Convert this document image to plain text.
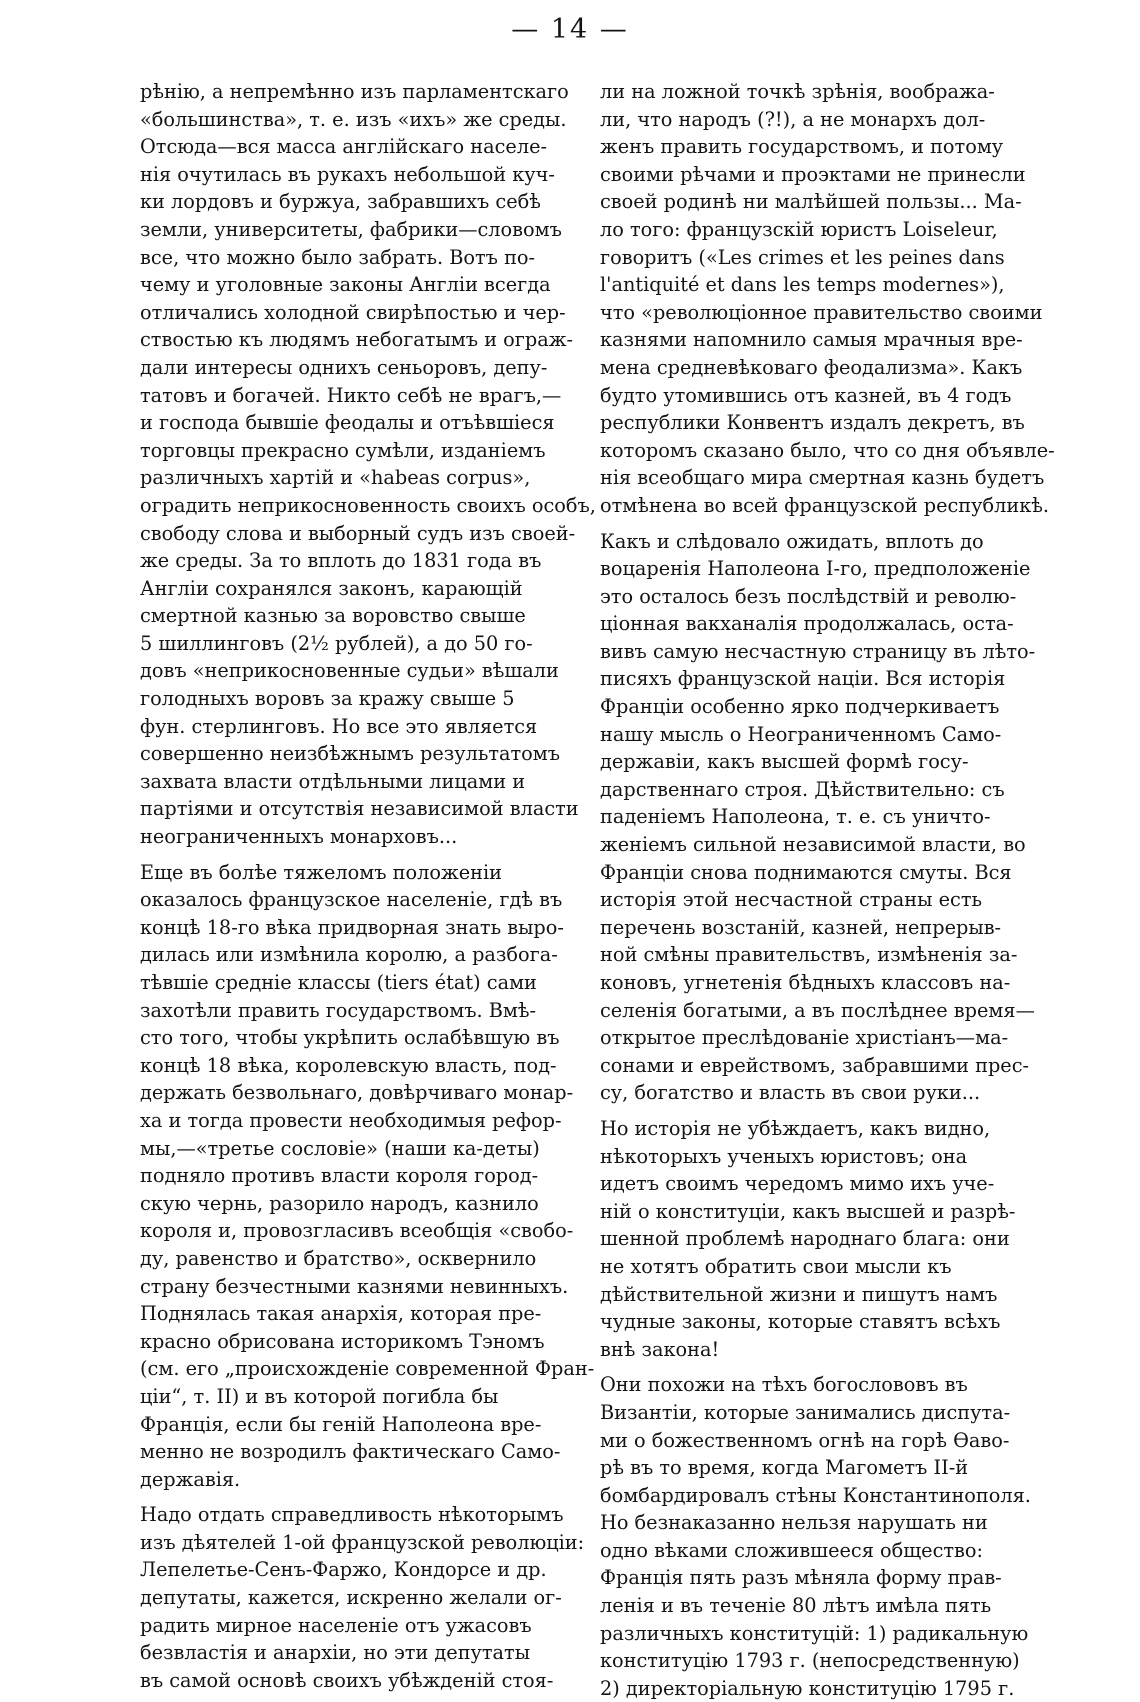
— 14 —
рѣнію, а непремѣнно изъ парламентскаго
«большинства», т. е. изъ «ихъ» же среды.
Отсюда—вся масса англійскаго населе-
нія очутилась въ рукахъ небольшой куч-
ки лордовъ и буржуа, забравшихъ себѣ
земли, университеты, фабрики—словомъ
все, что можно было забрать. Вотъ по-
чему и уголовные законы Англіи всегда
отличались холодной свирѣпостью и чер-
ствостью къ людямъ небогатымъ и ограж-
дали интересы однихъ сеньоровъ, депу-
татовъ и богачей. Никто себѣ не врагъ,—
и господа бывшіе феодалы и отъѣвшіеся
торговцы прекрасно сумѣли, изданіемъ
различныхъ хартій и «habeas corpus»,
оградить неприкосновенность своихъ особъ,
свободу слова и выборный судъ изъ своей-
же среды. За то вплоть до 1831 года въ
Англіи сохранялся законъ, карающій
смертной казнью за воровство свыше
5 шиллинговъ (2½ рублей), а до 50 го-
довъ «неприкосновенные судьи» вѣшали
голодныхъ воровъ за кражу свыше 5
фун. стерлинговъ. Но все это является
совершенно неизбѣжнымъ результатомъ
захвата власти отдѣльными лицами и
партіями и отсутствія независимой власти
неограниченныхъ монарховъ...
Еще въ болѣе тяжеломъ положеніи
оказалось французское населеніе, гдѣ въ
концѣ 18-го вѣка придворная знать выро-
дилась или измѣнила королю, а разбога-
тѣвшіе средніе классы (tiers état) сами
захотѣли править государствомъ. Вмѣ-
сто того, чтобы укрѣпить ослабѣвшую въ
концѣ 18 вѣка, королевскую власть, под-
держать безвольнаго, довѣрчиваго монар-
ха и тогда провести необходимыя рефор-
мы,—«третье сословіе» (наши ка-деты)
подняло противъ власти короля город-
скую чернь, разорило народъ, казнило
короля и, провозгласивъ всеобщія «свобо-
ду, равенство и братство», осквернило
страну безчестными казнями невинныхъ.
Поднялась такая анархія, которая пре-
красно обрисована историкомъ Тэномъ
(см. его „происхожденіе современной Фран-
ціи“, т. II) и въ которой погибла бы
Франція, если бы геній Наполеона вре-
менно не возродилъ фактическаго Само-
державія.
Надо отдать справедливость нѣкоторымъ
изъ дѣятелей 1-ой французской революціи:
Лепелетье-Сенъ-Фаржо, Кондорсе и др.
депутаты, кажется, искренно желали ог-
радить мирное населеніе отъ ужасовъ
безвластія и анархіи, но эти депутаты
въ самой основѣ своихъ убѣжденій стоя-
ли на ложной точкѣ зрѣнія, воображa-
ли, что народъ (?!), а не монархъ дол-
женъ править государствомъ, и потому
своими рѣчами и проэктами не принесли
своей родинѣ ни малѣйшей пользы... Ма-
ло того: французскій юристъ Loiseleur,
говоритъ («Les crimes et les peines dans
l'antiquité et dans les temps modernes»),
что «революціонное правительство своими
казнями напомнило самыя мрачныя вре-
мена средневѣковаго феодализма». Какъ
будто утомившись отъ казней, въ 4 годъ
республики Конвентъ издалъ декретъ, въ
которомъ сказано было, что со дня объявле-
нія всеобщаго мира смертная казнь будетъ
отмѣнена во всей французской республикѣ.
Какъ и слѣдовало ожидать, вплоть до
воцаренія Наполеона I-го, предположеніе
это осталось безъ послѣдствій и револю-
ціонная вакханалія продолжалась, оста-
вивъ самую несчастную страницу въ лѣто-
писяхъ французской націи. Вся исторія
Франціи особенно ярко подчеркиваетъ
нашу мысль о Неограниченномъ Само-
державіи, какъ высшей формѣ госу-
дарственнаго строя. Дѣйствительно: съ
паденіемъ Наполеона, т. е. съ уничто-
женіемъ сильной независимой власти, во
Франціи снова поднимаются смуты. Вся
исторія этой несчастной страны есть
перечень возстаній, казней, непрерыв-
ной смѣны правительствъ, измѣненія за-
коновъ, угнетенія бѣдныхъ классовъ на-
селенія богатыми, а въ послѣднее время—
открытое преслѣдованіе христіанъ—ма-
сонами и еврействомъ, забравшими прес-
су, богатство и власть въ свои руки...
Но исторія не убѣждаетъ, какъ видно,
нѣкоторыхъ ученыхъ юристовъ; она
идетъ своимъ чередомъ мимо ихъ уче-
ній о конституціи, какъ высшей и разрѣ-
шенной проблемѣ народнаго блага: они
не хотятъ обратить свои мысли къ
дѣйствительной жизни и пишутъ намъ
чудные законы, которые ставятъ всѣхъ
внѣ закона!
Они похожи на тѣхъ богослововъ въ
Византіи, которые занимались диспута-
ми о божественномъ огнѣ на горѣ Ѳавo-
рѣ въ то время, когда Магометъ II-й
бомбардировалъ стѣны Константинополя.
Но безнаказанно нельзя нарушать ни
одно вѣками сложившееся общество:
Франція пять разъ мѣняла форму прав-
ленія и въ теченіе 80 лѣтъ имѣла пять
различныхъ конституцій: 1) радикальную
конституцію 1793 г. (непосредственную)
2) директоріальную конституцію 1795 г.
